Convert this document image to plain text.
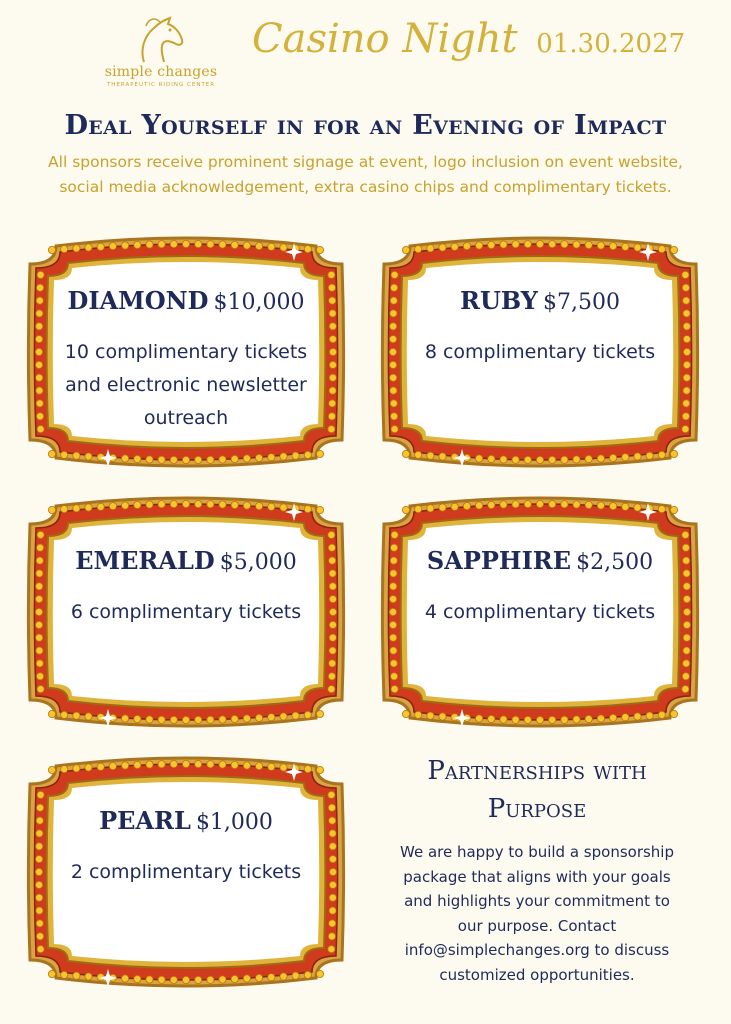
simple changes
THERAPEUTIC RIDING CENTER
Casino Night 01.30.2027
Deal Yourself in for an Evening of Impact
All sponsors receive prominent signage at event, logo inclusion on event website, social media acknowledgement, extra casino chips and complimentary tickets.
DIAMOND $10,000
10 complimentary tickets
and electronic newsletter
outreach
RUBY $7,500
8 complimentary tickets
EMERALD $5,000
6 complimentary tickets
SAPPHIRE $2,500
4 complimentary tickets
PEARL $1,000
2 complimentary tickets
Partnerships with
Purpose
We are happy to build a sponsorship
package that aligns with your goals
and highlights your commitment to
our purpose. Contact
info@simplechanges.org to discuss
customized opportunities.
